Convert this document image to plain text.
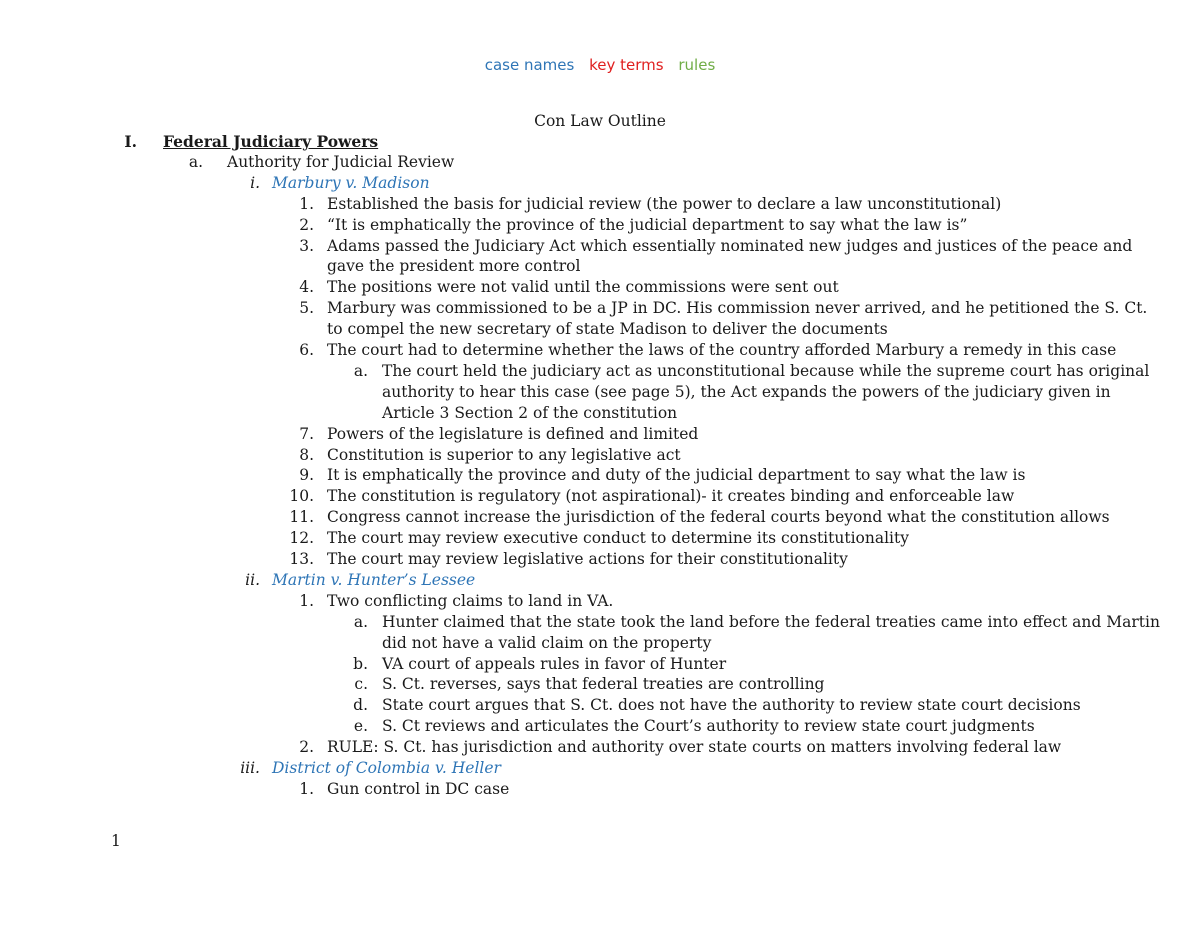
case names key terms rules
Con Law Outline
I. Federal Judiciary Powers
a. Authority for Judicial Review
i. Marbury v. Madison
1. Established the basis for judicial review (the power to declare a law unconstitutional)
2. “It is emphatically the province of the judicial department to say what the law is”
3. Adams passed the Judiciary Act which essentially nominated new judges and justices of the peace and
gave the president more control
4. The positions were not valid until the commissions were sent out
5. Marbury was commissioned to be a JP in DC. His commission never arrived, and he petitioned the S. Ct.
to compel the new secretary of state Madison to deliver the documents
6. The court had to determine whether the laws of the country afforded Marbury a remedy in this case
a. The court held the judiciary act as unconstitutional because while the supreme court has original
authority to hear this case (see page 5), the Act expands the powers of the judiciary given in
Article 3 Section 2 of the constitution
7. Powers of the legislature is defined and limited
8. Constitution is superior to any legislative act
9. It is emphatically the province and duty of the judicial department to say what the law is
10. The constitution is regulatory (not aspirational)- it creates binding and enforceable law
11. Congress cannot increase the jurisdiction of the federal courts beyond what the constitution allows
12. The court may review executive conduct to determine its constitutionality
13. The court may review legislative actions for their constitutionality
ii. Martin v. Hunter’s Lessee
1. Two conflicting claims to land in VA.
a. Hunter claimed that the state took the land before the federal treaties came into effect and Martin
did not have a valid claim on the property
b. VA court of appeals rules in favor of Hunter
c. S. Ct. reverses, says that federal treaties are controlling
d. State court argues that S. Ct. does not have the authority to review state court decisions
e. S. Ct reviews and articulates the Court’s authority to review state court judgments
2. RULE: S. Ct. has jurisdiction and authority over state courts on matters involving federal law
iii. District of Colombia v. Heller
1. Gun control in DC case
1
